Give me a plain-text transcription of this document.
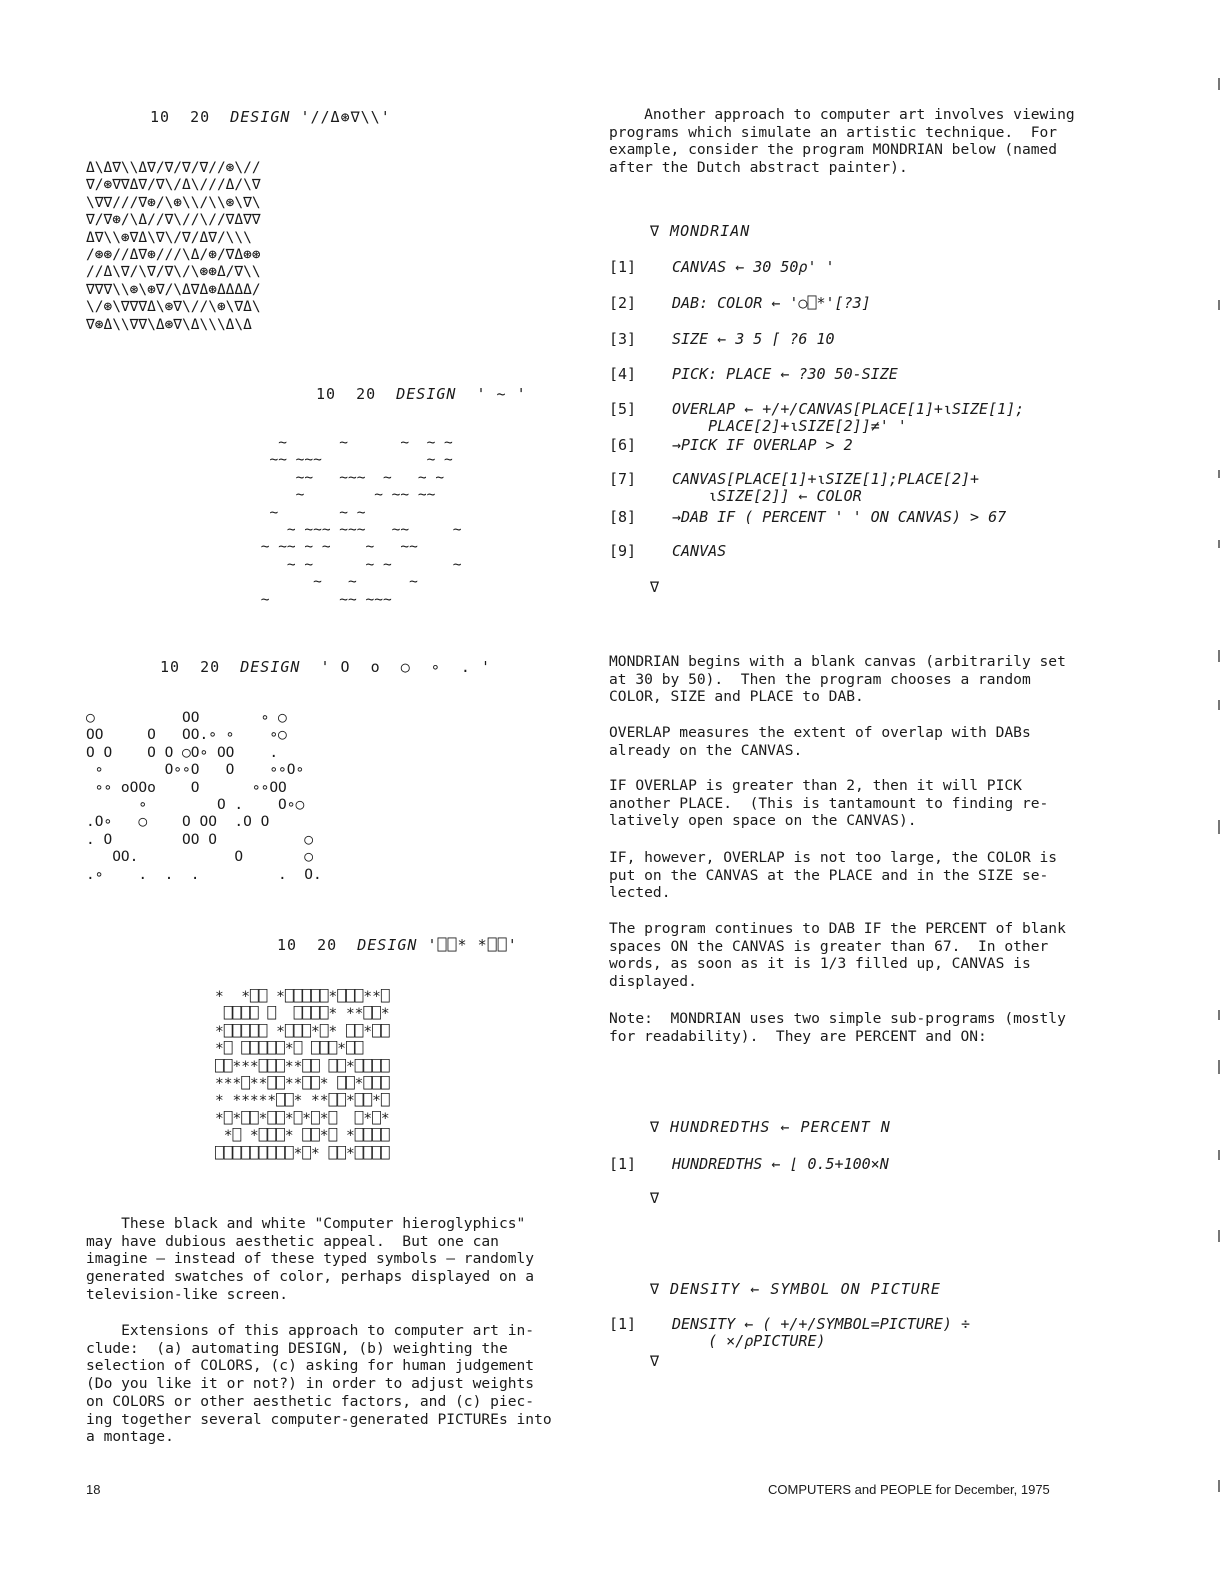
10  20  DESIGN '//Δ⊛∇\\'
Δ\Δ∇\\Δ∇/∇/∇/∇//⊛\//
∇/⊛∇∇Δ∇/∇\/Δ\///Δ/\∇
\∇∇///∇⊛/\⊛\\/\\⊛\∇\
∇/∇⊛/\Δ//∇\//\//∇Δ∇∇
Δ∇\\⊛∇Δ\∇\/∇/Δ∇/\\\
/⊛⊛//Δ∇⊛///\Δ/⊛/∇Δ⊛⊛
//Δ\∇/\∇/∇\/\⊛⊛Δ/∇\\
∇∇∇\\⊛\⊛∇/\Δ∇Δ⊛ΔΔΔΔ/
\/⊛\∇∇∇Δ\⊛∇\//\⊛\∇Δ\
∇⊛Δ\\∇∇\Δ⊛∇\Δ\\\Δ\Δ
10  20  DESIGN  ' ~ '
~      ~      ~  ~ ~
~~ ~~~            ~ ~
~~   ~~~  ~   ~ ~
~        ~ ~~ ~~
~       ~ ~
~ ~~~ ~~~   ~~     ~
~ ~~ ~ ~    ~   ~~
~ ~      ~ ~       ~
~   ~      ~
~        ~~ ~~~
10  20  DESIGN  ' O  o  ○  ∘  . '
○          OO       ∘ ○
OO     O   OO.∘ ∘    ∘○
O O    O O ○O∘ OO    .
∘       O∘∘O   O    ∘∘O∘
∘∘ oOOo    O      ∘∘OO
∘        O .    O∘○
.O∘   ○    O OO  .O O
. O        OO O          ○
OO.           O       ○
.∘    .  .  .         .  O.
10  20  DESIGN '⎕⎕* *⎕⎕'
*  *⎕⎕ *⎕⎕⎕⎕⎕*⎕⎕⎕**⎕
⎕⎕⎕⎕ ⎕  ⎕⎕⎕⎕* **⎕⎕*
*⎕⎕⎕⎕⎕ *⎕⎕⎕*⎕* ⎕⎕*⎕⎕
*⎕ ⎕⎕⎕⎕⎕*⎕ ⎕⎕⎕*⎕⎕
⎕⎕***⎕⎕⎕**⎕⎕ ⎕⎕*⎕⎕⎕⎕
***⎕**⎕⎕**⎕⎕* ⎕⎕*⎕⎕⎕
* *****⎕⎕* **⎕⎕*⎕⎕*⎕
*⎕*⎕⎕*⎕⎕*⎕*⎕*⎕  ⎕*⎕*
*⎕ *⎕⎕⎕* ⎕⎕*⎕ *⎕⎕⎕⎕
⎕⎕⎕⎕⎕⎕⎕⎕⎕*⎕* ⎕⎕*⎕⎕⎕⎕
These black and white "Computer hieroglyphics"
may have dubious aesthetic appeal.  But one can
imagine — instead of these typed symbols — randomly
generated swatches of color, perhaps displayed on a
television-like screen.
Extensions of this approach to computer art in-
clude:  (a) automating DESIGN, (b) weighting the
selection of COLORS, (c) asking for human judgement
(Do you like it or not?) in order to adjust weights
on COLORS or other aesthetic factors, and (c) piec-
ing together several computer-generated PICTUREs into
a montage.
Another approach to computer art involves viewing
programs which simulate an artistic technique.  For
example, consider the program MONDRIAN below (named
after the Dutch abstract painter).
∇ MONDRIAN
[1] CANVAS ← 30 50ρ' '
[2] DAB: COLOR ← '○⎕*'[?3]
[3] SIZE ← 3 5 ⌈ ?6 10
[4] PICK: PLACE ← ?30 50-SIZE
[5] OVERLAP ← +/+/CANVAS[PLACE[1]+⍳SIZE[1];
PLACE[2]+⍳SIZE[2]]≠' '
[6] →PICK IF OVERLAP > 2
[7] CANVAS[PLACE[1]+⍳SIZE[1];PLACE[2]+
⍳SIZE[2]] ← COLOR
[8] →DAB IF ( PERCENT ' ' ON CANVAS) > 67
[9] CANVAS
∇
MONDRIAN begins with a blank canvas (arbitrarily set
at 30 by 50).  Then the program chooses a random
COLOR, SIZE and PLACE to DAB.
OVERLAP measures the extent of overlap with DABs
already on the CANVAS.
IF OVERLAP is greater than 2, then it will PICK
another PLACE.  (This is tantamount to finding re-
latively open space on the CANVAS).
IF, however, OVERLAP is not too large, the COLOR is
put on the CANVAS at the PLACE and in the SIZE se-
lected.
The program continues to DAB IF the PERCENT of blank
spaces ON the CANVAS is greater than 67.  In other
words, as soon as it is 1/3 filled up, CANVAS is
displayed.
Note:  MONDRIAN uses two simple sub-programs (mostly
for readability).  They are PERCENT and ON:
∇ HUNDREDTHS ← PERCENT N
[1] HUNDREDTHS ← ⌊ 0.5+100×N
∇
∇ DENSITY ← SYMBOL ON PICTURE
[1] DENSITY ← ( +/+/SYMBOL=PICTURE) ÷
( ×/ρPICTURE)
∇
18	COMPUTERS and PEOPLE for December, 1975
